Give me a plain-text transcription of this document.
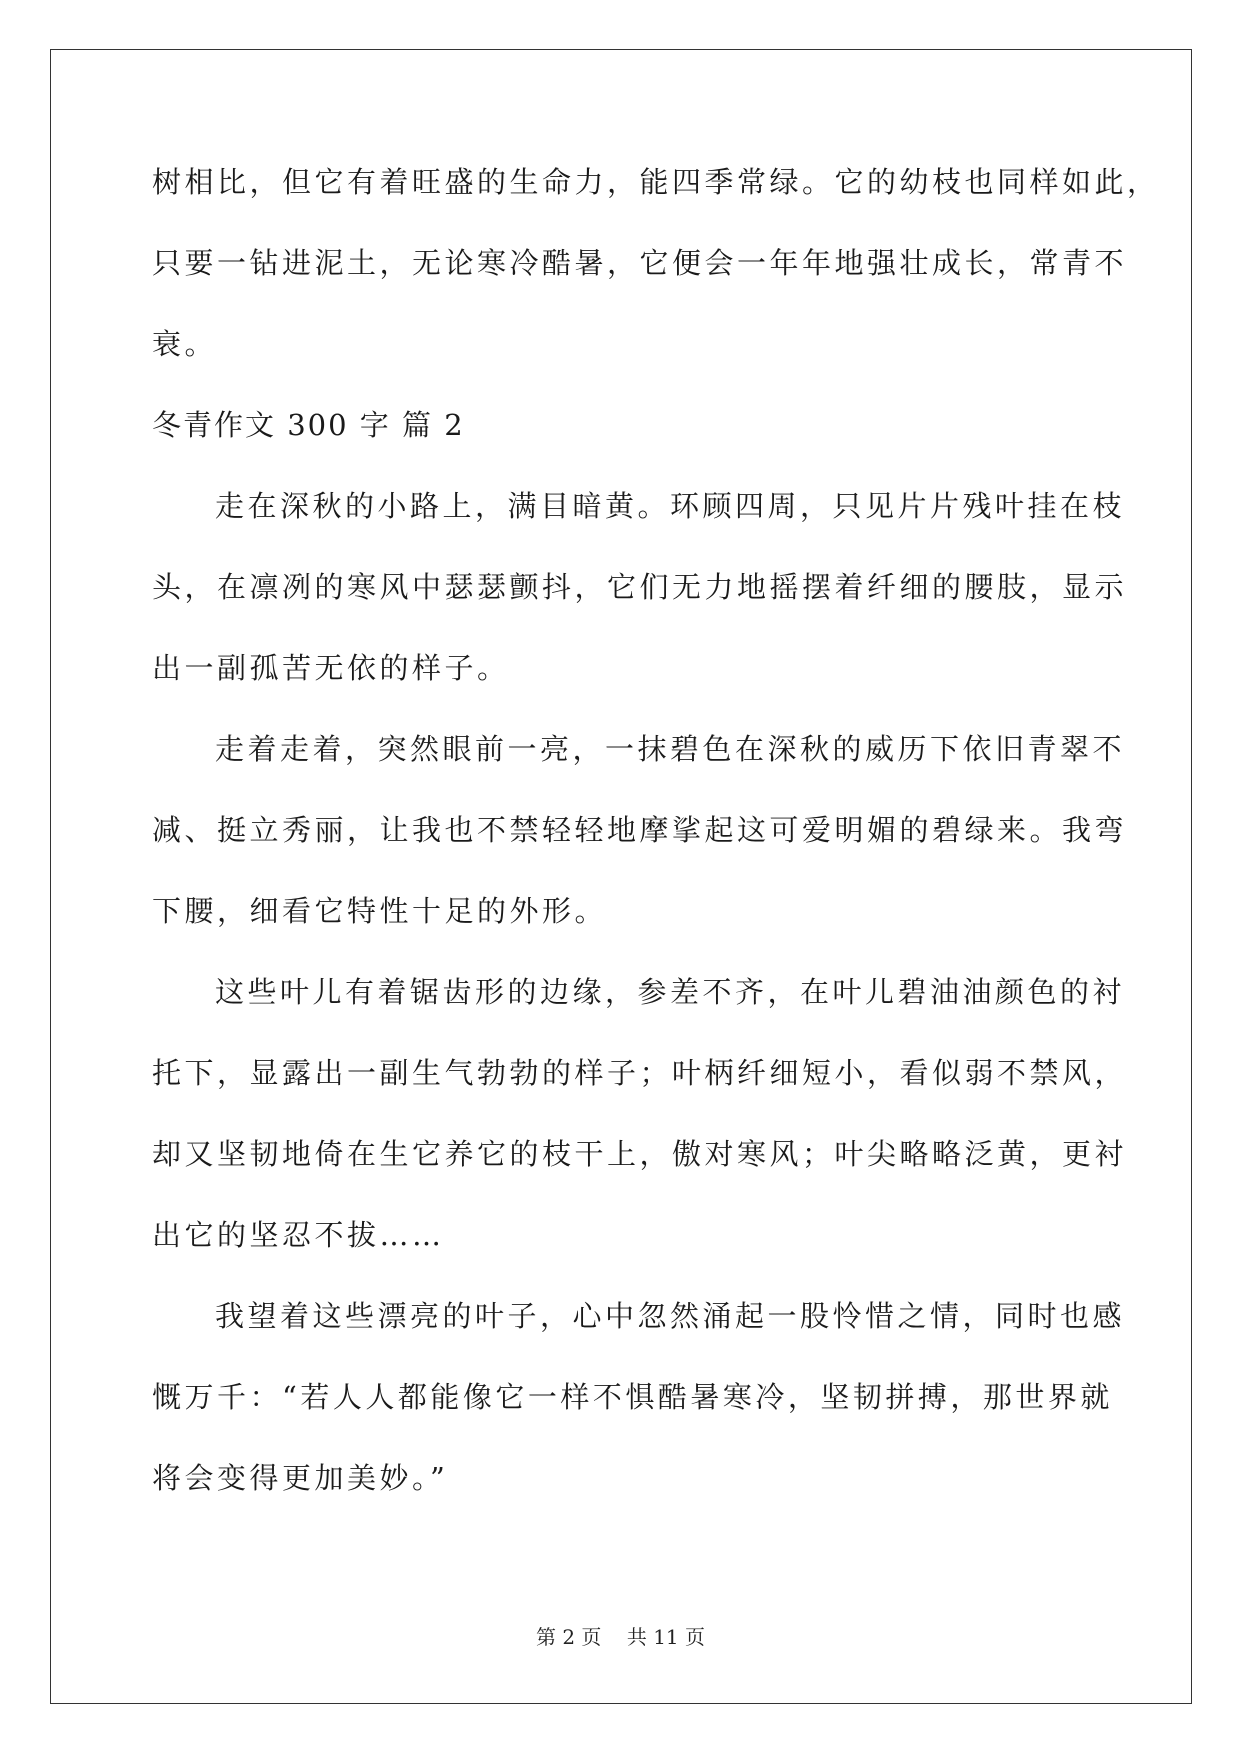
树相比，但它有着旺盛的生命力，能四季常绿。它的幼枝也同样如此，
只要一钻进泥土，无论寒冷酷暑，它便会一年年地强壮成长，常青不
衰。
冬青作文 300 字 篇 2
走在深秋的小路上，满目暗黄。环顾四周，只见片片残叶挂在枝
头，在凛冽的寒风中瑟瑟颤抖，它们无力地摇摆着纤细的腰肢，显示
出一副孤苦无依的样子。
走着走着，突然眼前一亮，一抹碧色在深秋的威历下依旧青翠不
减、挺立秀丽，让我也不禁轻轻地摩挲起这可爱明媚的碧绿来。我弯
下腰，细看它特性十足的外形。
这些叶儿有着锯齿形的边缘，参差不齐，在叶儿碧油油颜色的衬
托下，显露出一副生气勃勃的样子；叶柄纤细短小，看似弱不禁风，
却又坚韧地倚在生它养它的枝干上，傲对寒风；叶尖略略泛黄，更衬
出它的坚忍不拔……
我望着这些漂亮的叶子，心中忽然涌起一股怜惜之情，同时也感
慨万千：“若人人都能像它一样不惧酷暑寒冷，坚韧拼搏，那世界就
将会变得更加美妙。”
第 2 页    共 11 页
